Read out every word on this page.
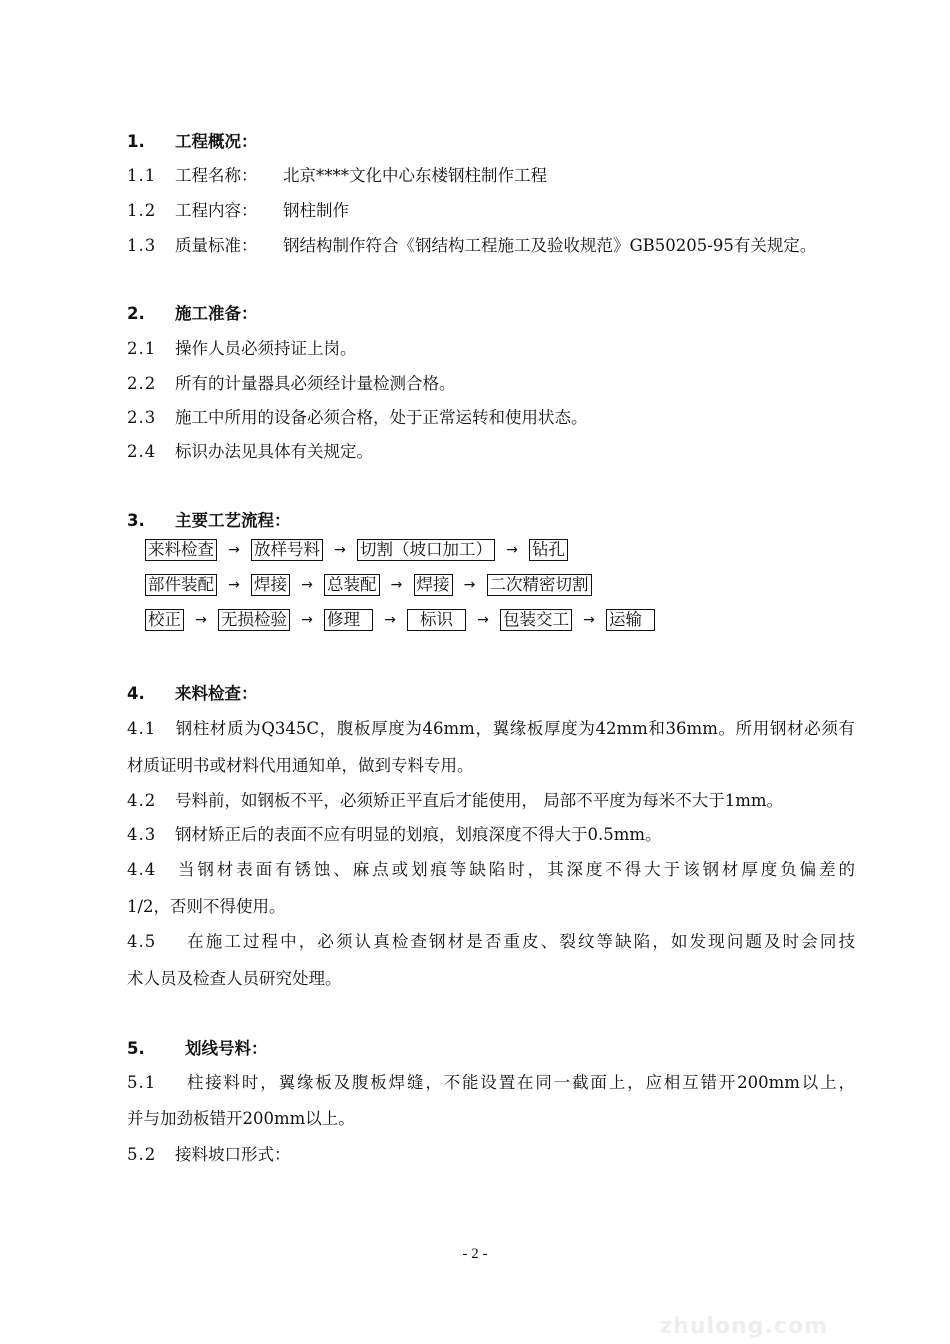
1. 工程概况：
1.1 工程名称： 北京****文化中心东楼钢柱制作工程
1.2 工程内容： 钢柱制作
1.3 质量标准： 钢结构制作符合《钢结构工程施工及验收规范》GB50205-95有关规定。
2. 施工准备：
2.1 操作人员必须持证上岗。
2.2 所有的计量器具必须经计量检测合格。
2.3 施工中所用的设备必须合格，处于正常运转和使用状态。
2.4 标识办法见具体有关规定。
3. 主要工艺流程：
来料检查	→ 放样号料	→ 切割（坡口加工）	→ 钻孔
部件装配	→ 焊接	→ 总装配	→ 焊接	→ 二次精密切割
校正	→ 无损检验	→ 修理	→	标识	→ 包装交工	→ 运输
4. 来料检查：
4.1 钢柱材质为Q345C，腹板厚度为46mm，翼缘板厚度为42mm和36mm。所用钢材必须有
材质证明书或材料代用通知单，做到专料专用。
4.2 号料前，如钢板不平，必须矫正平直后才能使用， 局部不平度为每米不大于1mm。
4.3 钢材矫正后的表面不应有明显的划痕，划痕深度不得大于0.5mm。
4.4 当钢材表面有锈蚀、麻点或划痕等缺陷时，其深度不得大于该钢材厚度负偏差的
1/2，否则不得使用。
4.5 在施工过程中，必须认真检查钢材是否重皮、裂纹等缺陷，如发现问题及时会同技
术人员及检查人员研究处理。
5. 划线号料：
5.1 柱接料时，翼缘板及腹板焊缝，不能设置在同一截面上，应相互错开200mm以上，
并与加劲板错开200mm以上。
5.2 接料坡口形式：
- 2 -
zhulong.com
